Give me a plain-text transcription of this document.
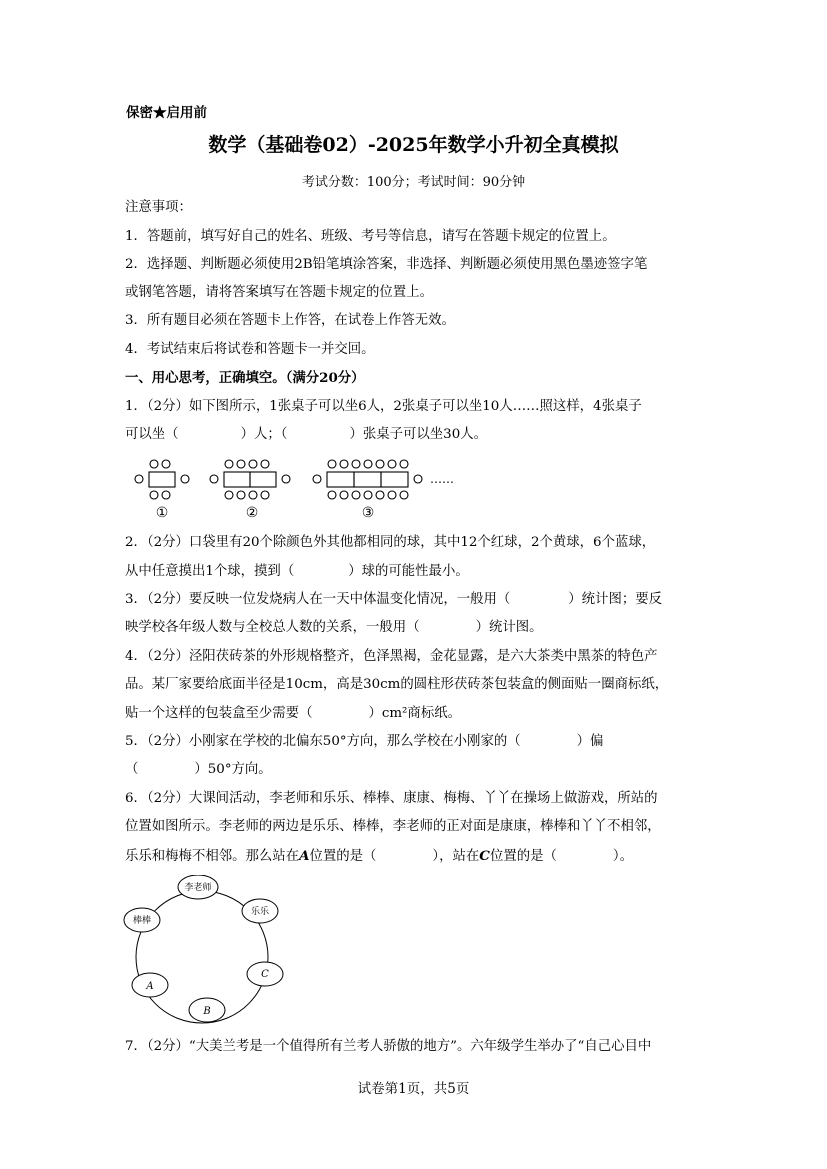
保密★启用前
数学（基础卷02）-2025年数学小升初全真模拟
考试分数：100分；考试时间：90分钟
注意事项：
1．答题前，填写好自己的姓名、班级、考号等信息，请写在答题卡规定的位置上。
2．选择题、判断题必须使用2B铅笔填涂答案，非选择、判断题必须使用黑色墨迹签字笔
或钢笔答题，请将答案填写在答题卡规定的位置上。
3．所有题目必须在答题卡上作答，在试卷上作答无效。
4．考试结束后将试卷和答题卡一并交回。
一、用心思考，正确填空。（满分20分）
1．（2分）如下图所示，1张桌子可以坐6人，2张桌子可以坐10人……照这样，4张桌子
可以坐（	）人；（	）张桌子可以坐30人。
……
①	②	③
2．（2分）口袋里有20个除颜色外其他都相同的球，其中12个红球，2个黄球，6个蓝球，
从中任意摸出1个球，摸到（	）球的可能性最小。
3．（2分）要反映一位发烧病人在一天中体温变化情况，一般用（	）统计图；要反
映学校各年级人数与全校总人数的关系，一般用（	）统计图。
4．（2分）泾阳茯砖茶的外形规格整齐，色泽黑褐，金花显露，是六大茶类中黑茶的特色产
品。某厂家要给底面半径是10cm，高是30cm的圆柱形茯砖茶包装盒的侧面贴一圈商标纸，
贴一个这样的包装盒至少需要（	）cm²商标纸。
5．（2分）小刚家在学校的北偏东50°方向，那么学校在小刚家的（	）偏
（	）50°方向。
6．（2分）大课间活动，李老师和乐乐、棒棒、康康、梅梅、丫丫在操场上做游戏，所站的
位置如图所示。李老师的两边是乐乐、棒棒，李老师的正对面是康康，棒棒和丫丫不相邻，
乐乐和梅梅不相邻。那么站在A位置的是（	），站在C位置的是（	）。
李老师
棒棒
乐乐
C
A
B
7．（2分）“大美兰考是一个值得所有兰考人骄傲的地方”。六年级学生举办了“自己心目中
试卷第1页，共5页
